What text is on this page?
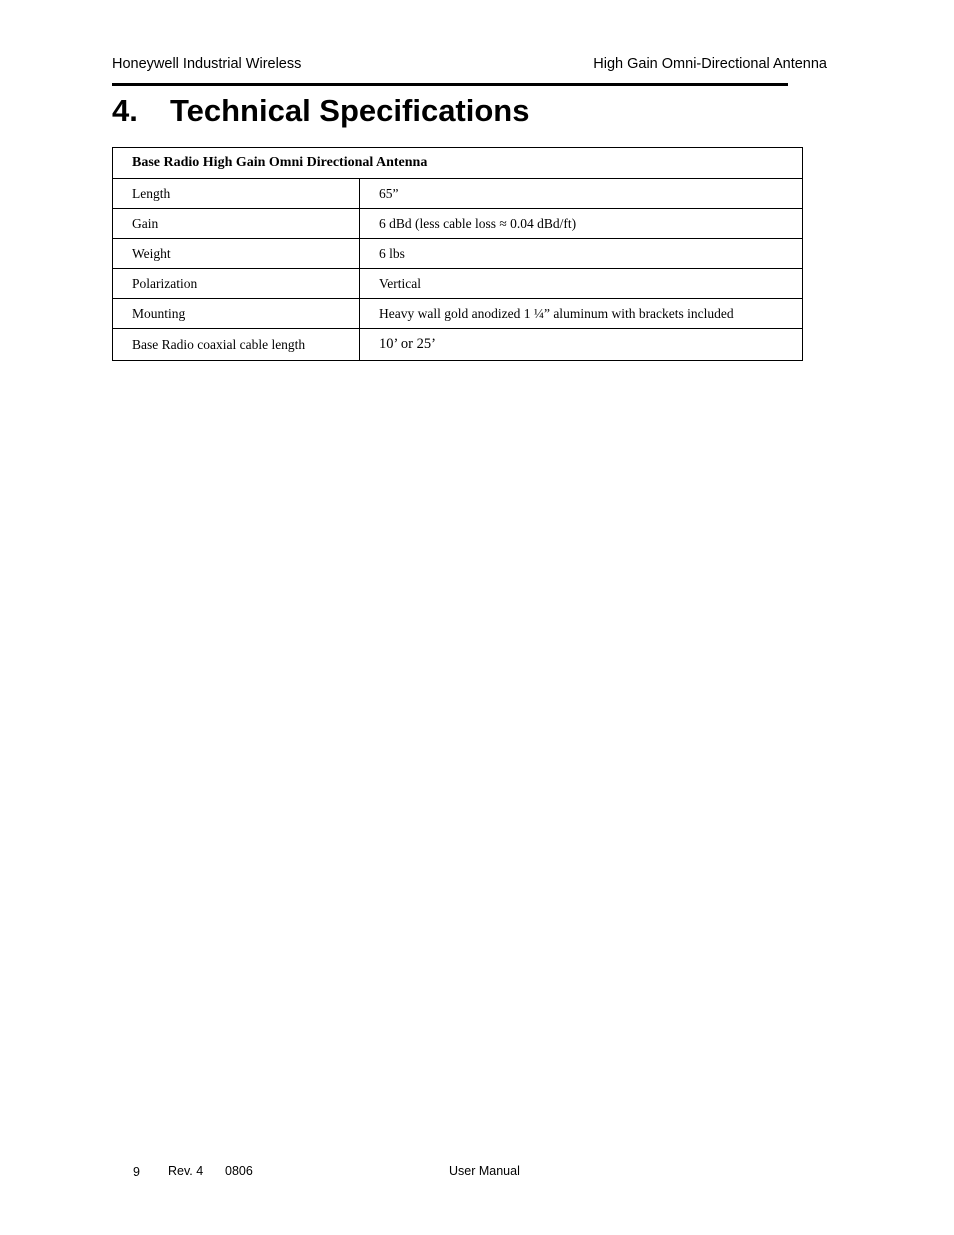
Honeywell Industrial Wireless	High Gain Omni-Directional Antenna
4. Technical Specifications
Base Radio High Gain Omni Directional Antenna	
Length	65”
Gain	6 dBd (less cable loss ≈ 0.04 dBd/ft)
Weight	6 lbs
Polarization	Vertical
Mounting	Heavy wall gold anodized 1 ¼” aluminum with brackets included
Base Radio coaxial cable length	10’ or 25’
9 Rev. 4 0806	User Manual
